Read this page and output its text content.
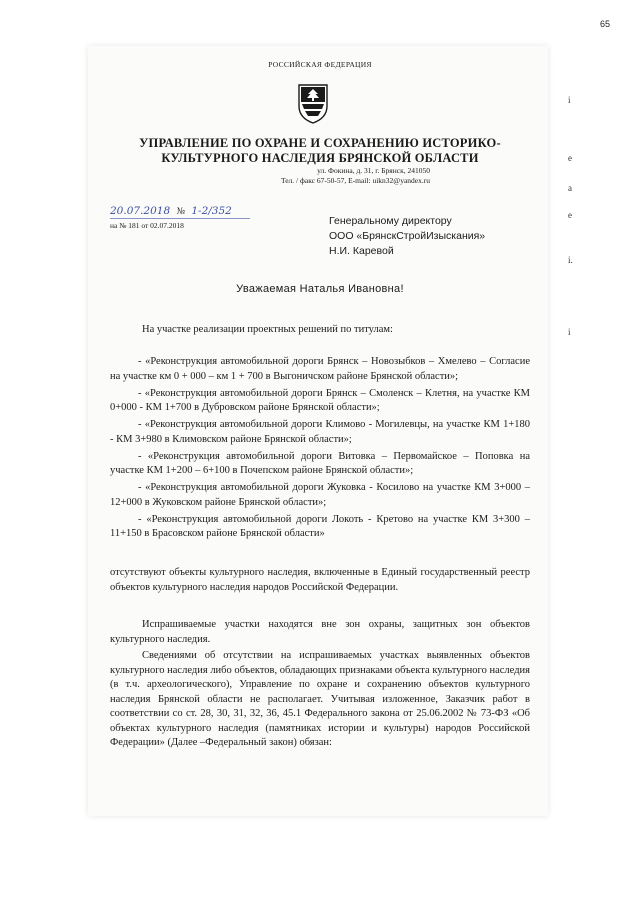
65
і
е
а
е
і.
і
РОССИЙСКАЯ ФЕДЕРАЦИЯ
УПРАВЛЕНИЕ ПО ОХРАНЕ И СОХРАНЕНИЮ ИСТОРИКО-
КУЛЬТУРНОГО НАСЛЕДИЯ БРЯНСКОЙ ОБЛАСТИ
ул. Фокина, д. 31, г. Брянск, 241050
Тел. / факс 67-50-57, E-mail: uikn32@yandex.ru
20.07.2018 № 1-2/352
на № 181 от 02.07.2018	Генеральному директору
ООО «БрянскСтройИзыскания»
Н.И. Каревой
Уважаемая Наталья Ивановна!
На участке реализации проектных решений по титулам:
- «Реконструкция автомобильной дороги Брянск – Новозыбков – Хмелево – Согласие на участке км 0 + 000 – км 1 + 700 в Выгоничском районе Брянской области»;
- «Реконструкция автомобильной дороги Брянск – Смоленск – Клетня, на участке КМ 0+000 - КМ 1+700 в Дубровском районе Брянской области»;
- «Реконструкция автомобильной дороги Климово - Могилевцы, на участке КМ 1+180 - КМ 3+980 в Климовском районе Брянской области»;
- «Реконструкция автомобильной дороги Витовка – Первомайское – Поповка на участке КМ 1+200 – 6+100 в Почепском районе Брянской области»;
- «Реконструкция автомобильной дороги Жуковка - Косилово на участке КМ 3+000 –12+000 в Жуковском районе Брянской области»;
- «Реконструкция автомобильной дороги Локоть - Кретово на участке КМ 3+300 –11+150 в Брасовском районе Брянской области»
отсутствуют объекты культурного наследия, включенные в Единый государственный реестр объектов культурного наследия народов Российской Федерации.
Испрашиваемые участки находятся вне зон охраны, защитных зон объектов культурного наследия.
Сведениями об отсутствии на испрашиваемых участках выявленных объектов культурного наследия либо объектов, обладающих признаками объекта культурного наследия (в т.ч. археологического), Управление по охране и сохранению объектов культурного наследия Брянской области не располагает. Учитывая изложенное, Заказчик работ в соответствии со ст. 28, 30, 31, 32, 36, 45.1 Федерального закона от 25.06.2002 № 73-ФЗ «Об объектах культурного наследия (памятниках истории и культуры) народов Российской Федерации» (Далее –Федеральный закон) обязан:
